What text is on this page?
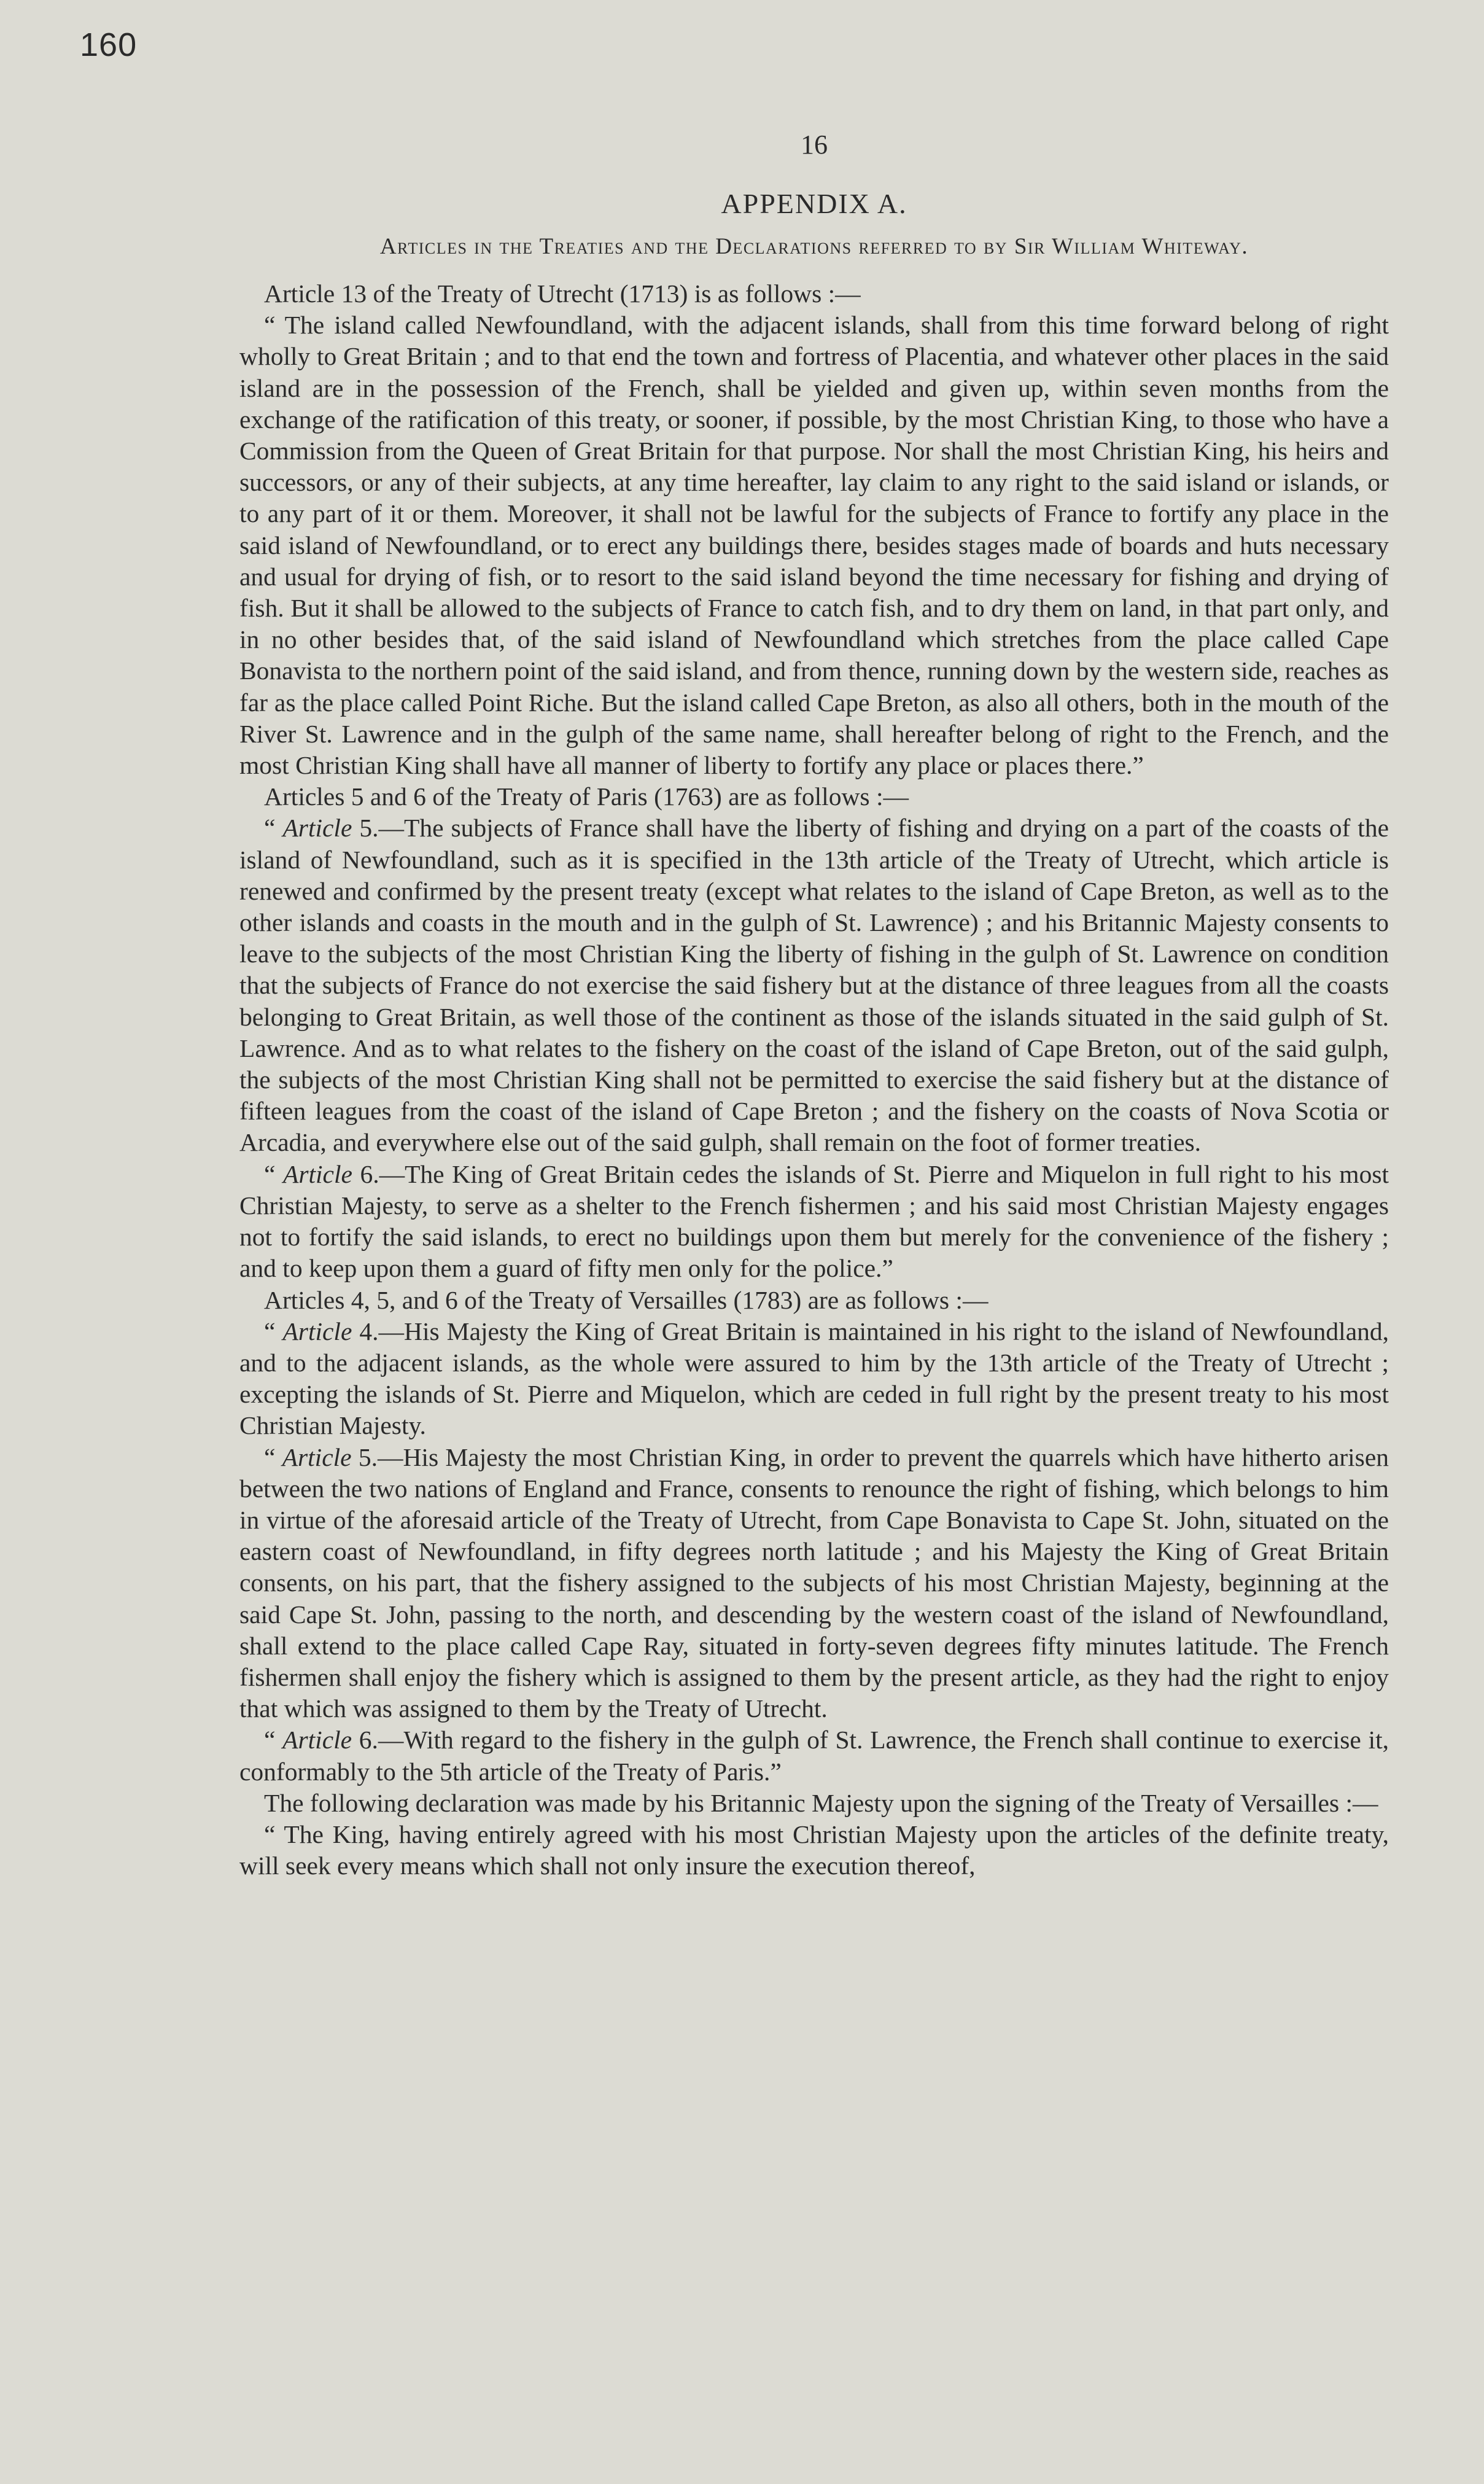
160
16
APPENDIX A.
Articles in the Treaties and the Declarations referred to by Sir William Whiteway.

Article 13 of the Treaty of Utrecht (1713) is as follows :—

“ The island called Newfoundland, with the adjacent islands, shall from this time forward belong of right wholly to Great Britain ; and to that end the town and fortress of Placentia, and whatever other places in the said island are in the possession of the French, shall be yielded and given up, within seven months from the exchange of the ratification of this treaty, or sooner, if possible, by the most Christian King, to those who have a Commission from the Queen of Great Britain for that purpose. Nor shall the most Christian King, his heirs and successors, or any of their subjects, at any time hereafter, lay claim to any right to the said island or islands, or to any part of it or them. Moreover, it shall not be lawful for the subjects of France to fortify any place in the said island of Newfoundland, or to erect any buildings there, besides stages made of boards and huts necessary and usual for drying of fish, or to resort to the said island beyond the time necessary for fishing and drying of fish. But it shall be allowed to the subjects of France to catch fish, and to dry them on land, in that part only, and in no other besides that, of the said island of Newfoundland which stretches from the place called Cape Bonavista to the northern point of the said island, and from thence, running down by the western side, reaches as far as the place called Point Riche. But the island called Cape Breton, as also all others, both in the mouth of the River St. Lawrence and in the gulph of the same name, shall hereafter belong of right to the French, and the most Christian King shall have all manner of liberty to fortify any place or places there.”

Articles 5 and 6 of the Treaty of Paris (1763) are as follows :—

“ Article 5.—The subjects of France shall have the liberty of fishing and drying on a part of the coasts of the island of Newfoundland, such as it is specified in the 13th article of the Treaty of Utrecht, which article is renewed and confirmed by the present treaty (except what relates to the island of Cape Breton, as well as to the other islands and coasts in the mouth and in the gulph of St. Lawrence) ; and his Britannic Majesty consents to leave to the subjects of the most Christian King the liberty of fishing in the gulph of St. Lawrence on condition that the subjects of France do not exercise the said fishery but at the distance of three leagues from all the coasts belonging to Great Britain, as well those of the continent as those of the islands situated in the said gulph of St. Lawrence. And as to what relates to the fishery on the coast of the island of Cape Breton, out of the said gulph, the subjects of the most Christian King shall not be permitted to exercise the said fishery but at the distance of fifteen leagues from the coast of the island of Cape Breton ; and the fishery on the coasts of Nova Scotia or Arcadia, and everywhere else out of the said gulph, shall remain on the foot of former treaties.

“ Article 6.—The King of Great Britain cedes the islands of St. Pierre and Miquelon in full right to his most Christian Majesty, to serve as a shelter to the French fishermen ; and his said most Christian Majesty engages not to fortify the said islands, to erect no buildings upon them but merely for the convenience of the fishery ; and to keep upon them a guard of fifty men only for the police.”

Articles 4, 5, and 6 of the Treaty of Versailles (1783) are as follows :—

“ Article 4.—His Majesty the King of Great Britain is maintained in his right to the island of Newfoundland, and to the adjacent islands, as the whole were assured to him by the 13th article of the Treaty of Utrecht ; excepting the islands of St. Pierre and Miquelon, which are ceded in full right by the present treaty to his most Christian Majesty.

“ Article 5.—His Majesty the most Christian King, in order to prevent the quarrels which have hitherto arisen between the two nations of England and France, consents to renounce the right of fishing, which belongs to him in virtue of the aforesaid article of the Treaty of Utrecht, from Cape Bonavista to Cape St. John, situated on the eastern coast of Newfoundland, in fifty degrees north latitude ; and his Majesty the King of Great Britain consents, on his part, that the fishery assigned to the subjects of his most Christian Majesty, beginning at the said Cape St. John, passing to the north, and descending by the western coast of the island of Newfoundland, shall extend to the place called Cape Ray, situated in forty-seven degrees fifty minutes latitude. The French fishermen shall enjoy the fishery which is assigned to them by the present article, as they had the right to enjoy that which was assigned to them by the Treaty of Utrecht.

“ Article 6.—With regard to the fishery in the gulph of St. Lawrence, the French shall continue to exercise it, conformably to the 5th article of the Treaty of Paris.”

The following declaration was made by his Britannic Majesty upon the signing of the Treaty of Versailles :—

“ The King, having entirely agreed with his most Christian Majesty upon the articles of the definite treaty, will seek every means which shall not only insure the execution thereof,
